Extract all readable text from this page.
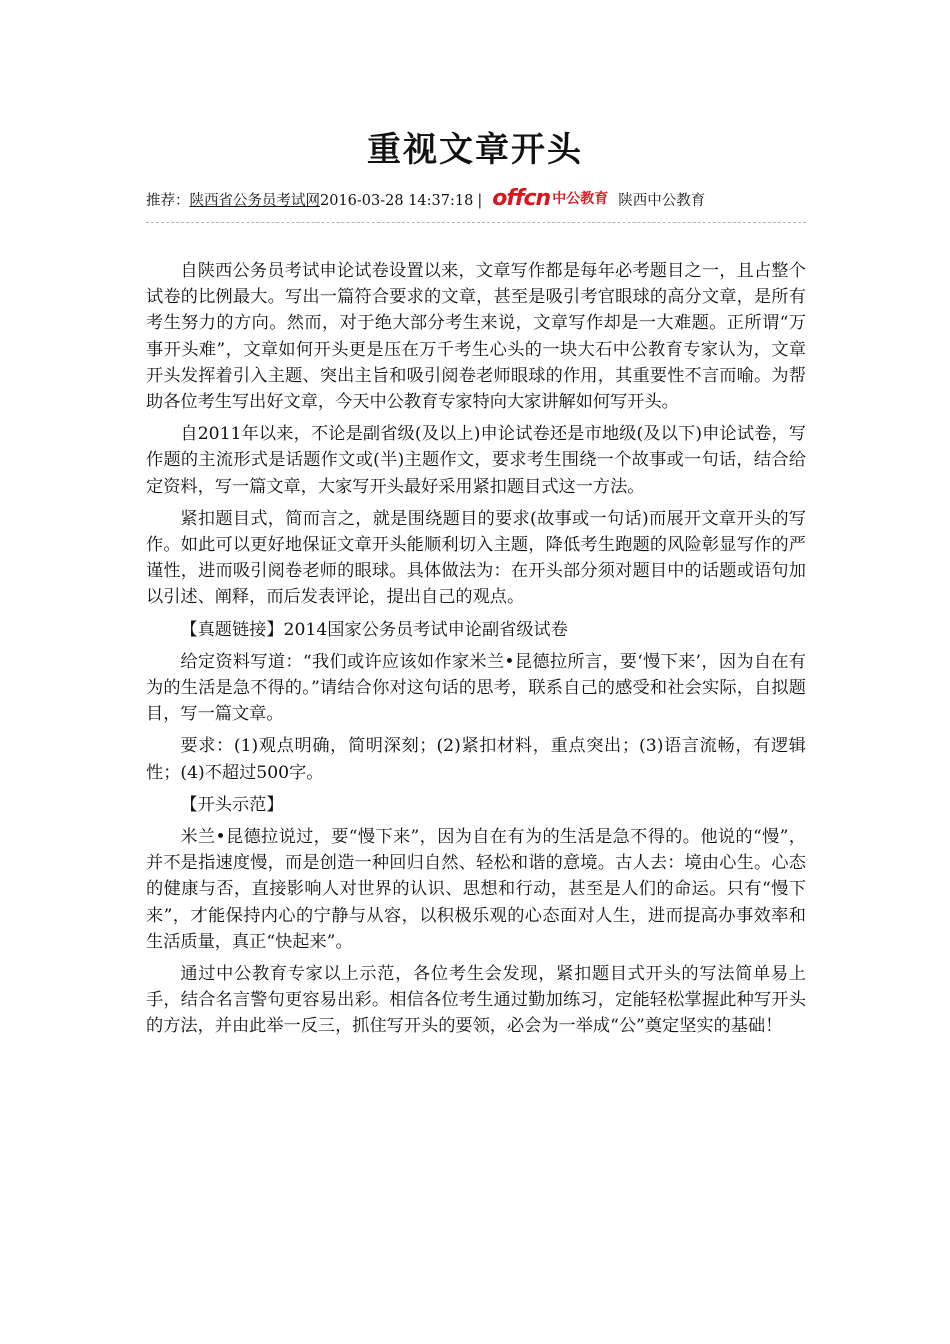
重视文章开头
推荐： 陕西省公务员考试网 2016-03-28 14:37:18 | offcn 中公教育 陕西中公教育

自陕西公务员考试申论试卷设置以来，文章写作都是每年必考题目之一，且占整个试卷的比例最大。写出一篇符合要求的文章，甚至是吸引考官眼球的高分文章，是所有考生努力的方向。然而，对于绝大部分考生来说，文章写作却是一大难题。正所谓“万事开头难”，文章如何开头更是压在万千考生心头的一块大石中公教育专家认为，文章开头发挥着引入主题、突出主旨和吸引阅卷老师眼球的作用，其重要性不言而喻。为帮助各位考生写出好文章，今天中公教育专家特向大家讲解如何写开头。

自2011年以来，不论是副省级(及以上)申论试卷还是市地级(及以下)申论试卷，写作题的主流形式是话题作文或(半)主题作文，要求考生围绕一个故事或一句话，结合给定资料，写一篇文章，大家写开头最好采用紧扣题目式这一方法。

紧扣题目式，简而言之，就是围绕题目的要求(故事或一句话)而展开文章开头的写作。如此可以更好地保证文章开头能顺利切入主题，降低考生跑题的风险彰显写作的严谨性，进而吸引阅卷老师的眼球。具体做法为：在开头部分须对题目中的话题或语句加以引述、阐释，而后发表评论，提出自己的观点。

【真题链接】2014国家公务员考试申论副省级试卷

给定资料写道：“我们或许应该如作家米兰•昆德拉所言，要‘慢下来’，因为自在有为的生活是急不得的。”请结合你对这句话的思考，联系自己的感受和社会实际，自拟题目，写一篇文章。

要求：(1)观点明确，简明深刻；(2)紧扣材料，重点突出；(3)语言流畅，有逻辑性；(4)不超过500字。

【开头示范】

米兰•昆德拉说过，要“慢下来”，因为自在有为的生活是急不得的。他说的“慢”，并不是指速度慢，而是创造一种回归自然、轻松和谐的意境。古人去：境由心生。心态的健康与否，直接影响人对世界的认识、思想和行动，甚至是人们的命运。只有“慢下来”，才能保持内心的宁静与从容，以积极乐观的心态面对人生，进而提高办事效率和生活质量，真正“快起来”。

通过中公教育专家以上示范，各位考生会发现，紧扣题目式开头的写法简单易上手，结合名言警句更容易出彩。相信各位考生通过勤加练习，定能轻松掌握此种写开头的方法，并由此举一反三，抓住写开头的要领，必会为一举成“公”奠定坚实的基础！
